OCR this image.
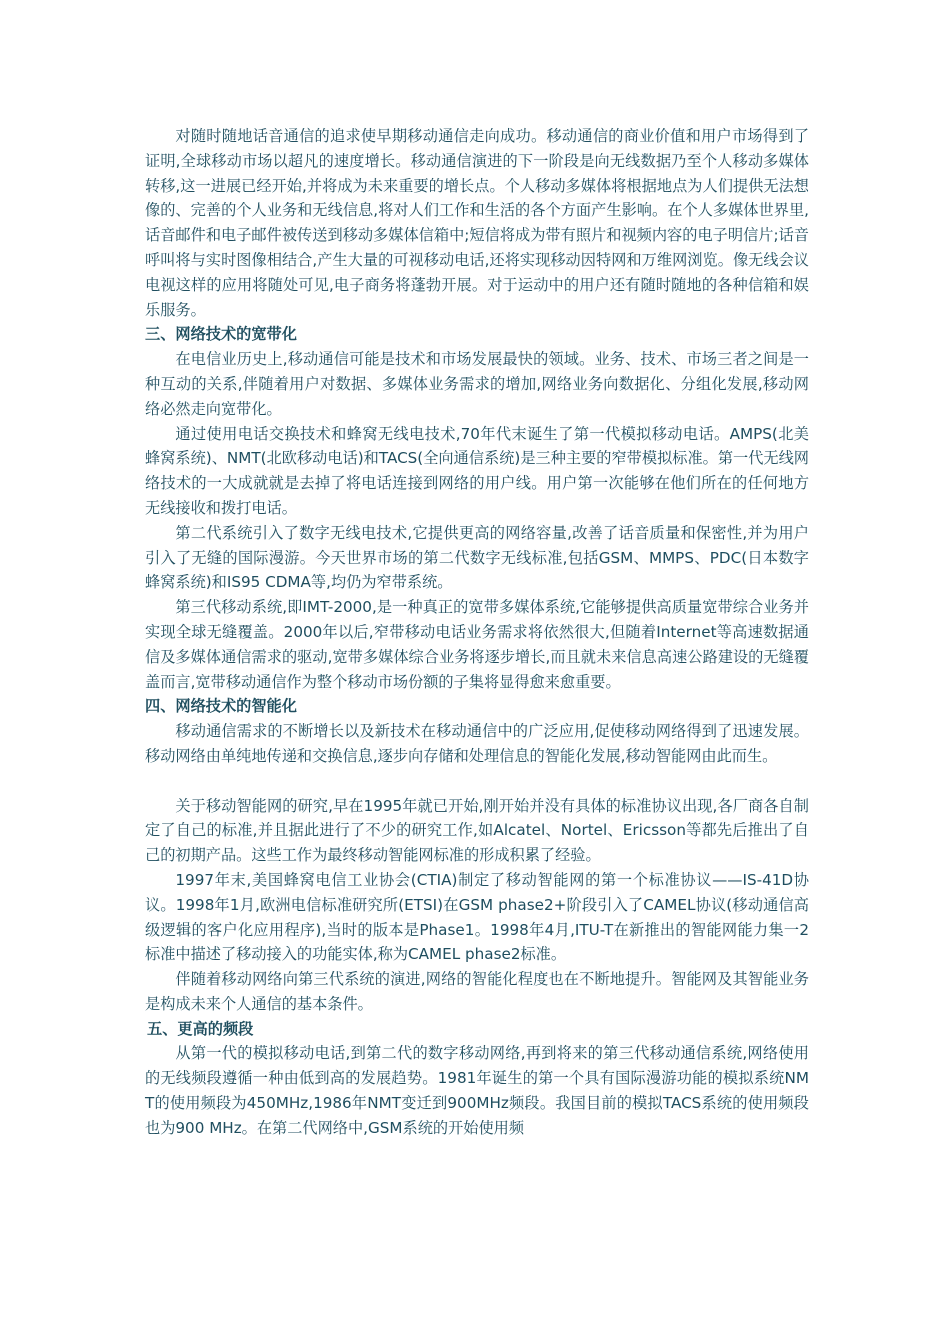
对随时随地话音通信的追求使早期移动通信走向成功。移动通信的商业价值和用户市场得到了证明,全球移动市场以超凡的速度增长。移动通信演进的下一阶段是向无线数据乃至个人移动多媒体转移,这一进展已经开始,并将成为未来重要的增长点。个人移动多媒体将根据地点为人们提供无法想像的、完善的个人业务和无线信息,将对人们工作和生活的各个方面产生影响。在个人多媒体世界里,话音邮件和电子邮件被传送到移动多媒体信箱中;短信将成为带有照片和视频内容的电子明信片;话音呼叫将与实时图像相结合,产生大量的可视移动电话,还将实现移动因特网和万维网浏览。像无线会议电视这样的应用将随处可见,电子商务将蓬勃开展。对于运动中的用户还有随时随地的各种信箱和娱乐服务。

三、网络技术的宽带化

在电信业历史上,移动通信可能是技术和市场发展最快的领域。业务、技术、市场三者之间是一种互动的关系,伴随着用户对数据、多媒体业务需求的增加,网络业务向数据化、分组化发展,移动网络必然走向宽带化。

通过使用电话交换技术和蜂窝无线电技术,70年代末诞生了第一代模拟移动电话。AMPS(北美蜂窝系统)、NMT(北欧移动电话)和TACS(全向通信系统)是三种主要的窄带模拟标准。第一代无线网络技术的一大成就就是去掉了将电话连接到网络的用户线。用户第一次能够在他们所在的任何地方无线接收和拨打电话。

第二代系统引入了数字无线电技术,它提供更高的网络容量,改善了话音质量和保密性,并为用户引入了无缝的国际漫游。今天世界市场的第二代数字无线标准,包括GSM、MMPS、PDC(日本数字蜂窝系统)和IS95 CDMA等,均仍为窄带系统。

第三代移动系统,即IMT-2000,是一种真正的宽带多媒体系统,它能够提供高质量宽带综合业务并实现全球无缝覆盖。2000年以后,窄带移动电话业务需求将依然很大,但随着Internet等高速数据通信及多媒体通信需求的驱动,宽带多媒体综合业务将逐步增长,而且就未来信息高速公路建设的无缝覆盖而言,宽带移动通信作为整个移动市场份额的子集将显得愈来愈重要。

四、网络技术的智能化

移动通信需求的不断增长以及新技术在移动通信中的广泛应用,促使移动网络得到了迅速发展。移动网络由单纯地传递和交换信息,逐步向存储和处理信息的智能化发展,移动智能网由此而生。

关于移动智能网的研究,早在1995年就已开始,刚开始并没有具体的标准协议出现,各厂商各自制定了自己的标准,并且据此进行了不少的研究工作,如Alcatel、Nortel、Ericsson等都先后推出了自己的初期产品。这些工作为最终移动智能网标准的形成积累了经验。

1997年末,美国蜂窝电信工业协会(CTIA)制定了移动智能网的第一个标准协议——IS-41D协议。1998年1月,欧洲电信标准研究所(ETSI)在GSM phase2+阶段引入了CAMEL协议(移动通信高级逻辑的客户化应用程序),当时的版本是Phase1。1998年4月,ITU-T在新推出的智能网能力集一2标准中描述了移动接入的功能实体,称为CAMEL phase2标准。

伴随着移动网络向第三代系统的演进,网络的智能化程度也在不断地提升。智能网及其智能业务是构成未来个人通信的基本条件。

五、更高的频段

从第一代的模拟移动电话,到第二代的数字移动网络,再到将来的第三代移动通信系统,网络使用的无线频段遵循一种由低到高的发展趋势。1981年诞生的第一个具有国际漫游功能的模拟系统NMT的使用频段为450MHz,1986年NMT变迁到900MHz频段。我国目前的模拟TACS系统的使用频段也为900 MHz。在第二代网络中,GSM系统的开始使用频
